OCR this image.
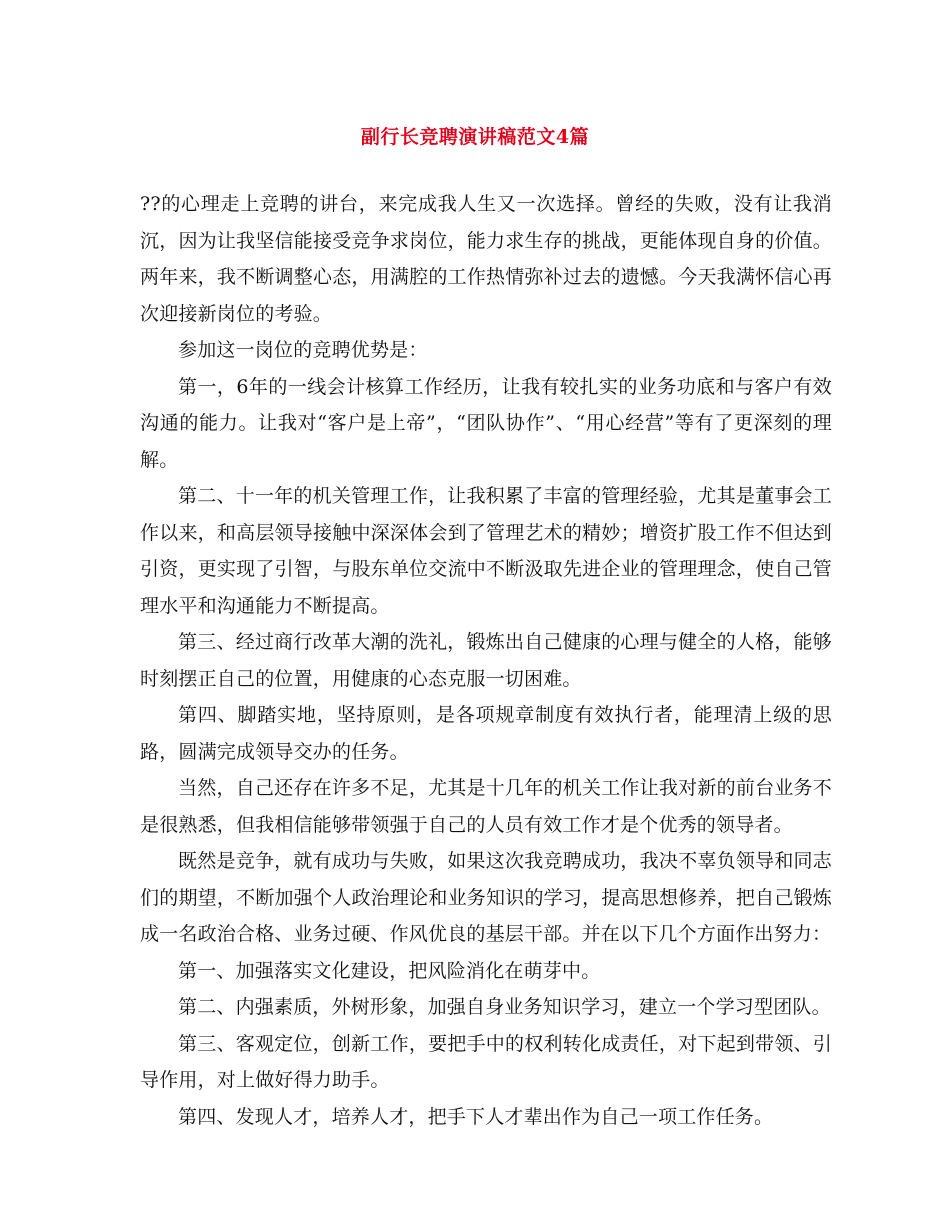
副行长竞聘演讲稿范文4篇

??的心理走上竞聘的讲台，来完成我人生又一次选择。曾经的失败，没有让我消沉，因为让我坚信能接受竞争求岗位，能力求生存的挑战，更能体现自身的价值。两年来，我不断调整心态，用满腔的工作热情弥补过去的遗憾。今天我满怀信心再次迎接新岗位的考验。

参加这一岗位的竞聘优势是：

第一，6年的一线会计核算工作经历，让我有较扎实的业务功底和与客户有效沟通的能力。让我对“客户是上帝”，“团队协作”、“用心经营”等有了更深刻的理解。

第二、十一年的机关管理工作，让我积累了丰富的管理经验，尤其是董事会工作以来，和高层领导接触中深深体会到了管理艺术的精妙；增资扩股工作不但达到引资，更实现了引智，与股东单位交流中不断汲取先进企业的管理理念，使自己管理水平和沟通能力不断提高。

第三、经过商行改革大潮的洗礼，锻炼出自己健康的心理与健全的人格，能够时刻摆正自己的位置，用健康的心态克服一切困难。

第四、脚踏实地，坚持原则，是各项规章制度有效执行者，能理清上级的思路，圆满完成领导交办的任务。

当然，自己还存在许多不足，尤其是十几年的机关工作让我对新的前台业务不是很熟悉，但我相信能够带领强于自己的人员有效工作才是个优秀的领导者。

既然是竞争，就有成功与失败，如果这次我竞聘成功，我决不辜负领导和同志们的期望，不断加强个人政治理论和业务知识的学习，提高思想修养，把自己锻炼成一名政治合格、业务过硬、作风优良的基层干部。并在以下几个方面作出努力：

第一、加强落实文化建设，把风险消化在萌芽中。

第二、内强素质，外树形象，加强自身业务知识学习，建立一个学习型团队。

第三、客观定位，创新工作，要把手中的权利转化成责任，对下起到带领、引导作用，对上做好得力助手。

第四、发现人才，培养人才，把手下人才辈出作为自己一项工作任务。
